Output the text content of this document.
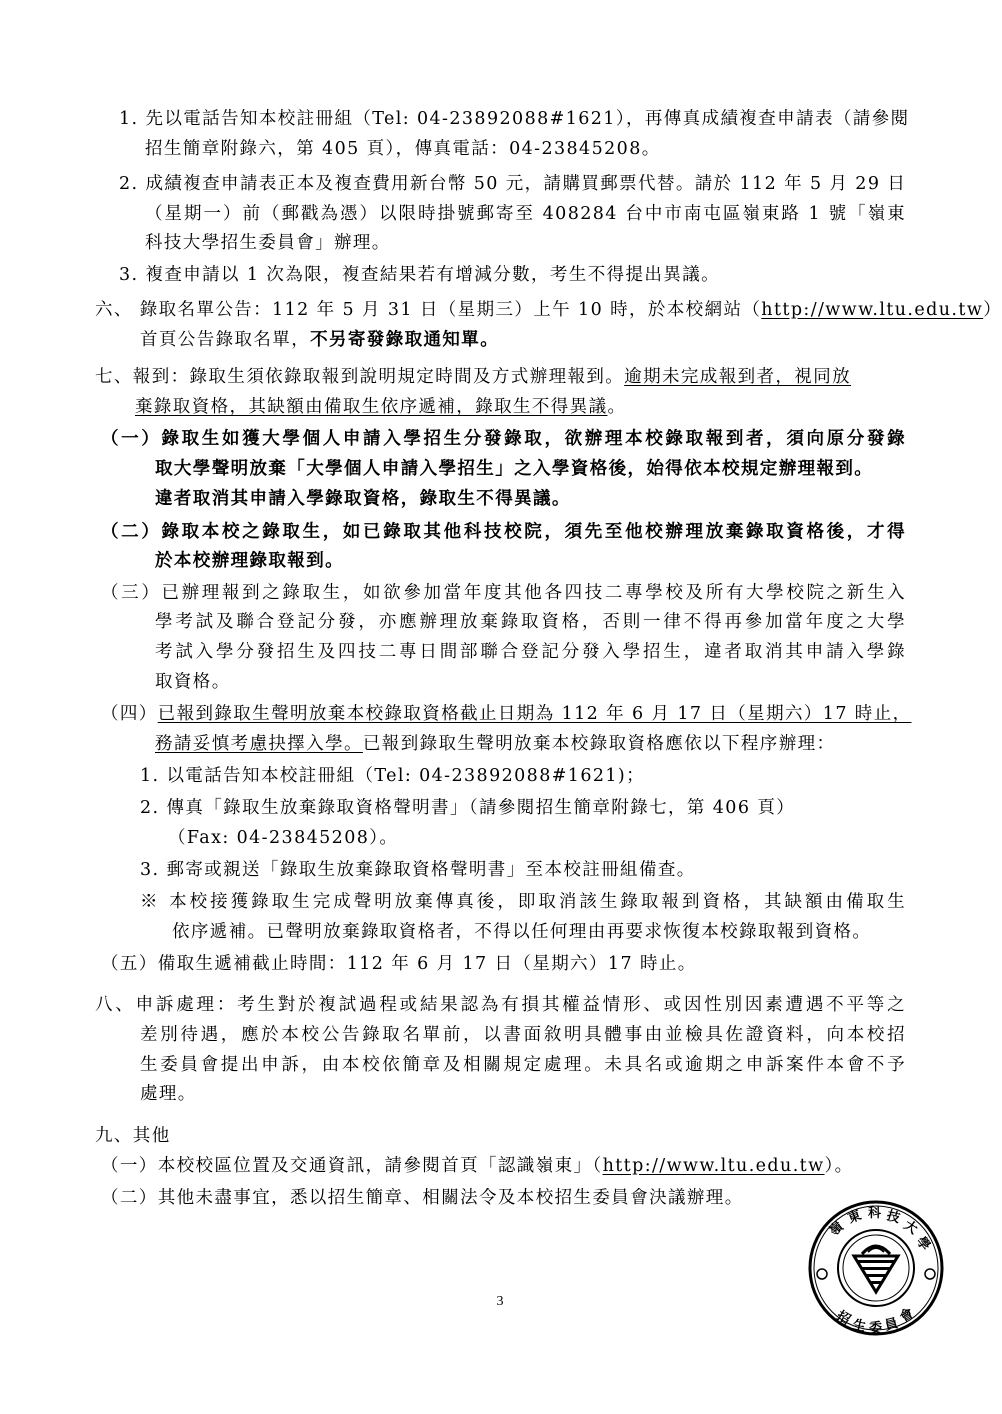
1. 先以電話告知本校註冊組（Tel: 04-23892088#1621），再傳真成績複查申請表（請參閱
招生簡章附錄六，第 405 頁），傳真電話：04-23845208。
2. 成績複查申請表正本及複查費用新台幣 50 元，請購買郵票代替。請於 112 年 5 月 29 日
（星期一）前（郵戳為憑）以限時掛號郵寄至 408284 台中市南屯區嶺東路 1 號「嶺東
科技大學招生委員會」辦理。
3. 複查申請以 1 次為限，複查結果若有增減分數，考生不得提出異議。
六、 錄取名單公告：112 年 5 月 31 日（星期三）上午 10 時，於本校網站（http://www.ltu.edu.tw）
首頁公告錄取名單，不另寄發錄取通知單。
七、報到：錄取生須依錄取報到說明規定時間及方式辦理報到。逾期未完成報到者，視同放
棄錄取資格，其缺額由備取生依序遞補，錄取生不得異議。
（一）錄取生如獲大學個人申請入學招生分發錄取，欲辦理本校錄取報到者，須向原分發錄
取大學聲明放棄「大學個人申請入學招生」之入學資格後，始得依本校規定辦理報到。
違者取消其申請入學錄取資格，錄取生不得異議。
（二）錄取本校之錄取生，如已錄取其他科技校院，須先至他校辦理放棄錄取資格後，才得
於本校辦理錄取報到。
（三）已辦理報到之錄取生，如欲參加當年度其他各四技二專學校及所有大學校院之新生入
學考試及聯合登記分發，亦應辦理放棄錄取資格，否則一律不得再參加當年度之大學
考試入學分發招生及四技二專日間部聯合登記分發入學招生，違者取消其申請入學錄
取資格。
（四）已報到錄取生聲明放棄本校錄取資格截止日期為 112 年 6 月 17 日（星期六）17 時止，
務請妥慎考慮抉擇入學。已報到錄取生聲明放棄本校錄取資格應依以下程序辦理：
1. 以電話告知本校註冊組（Tel: 04-23892088#1621)；
2. 傳真「錄取生放棄錄取資格聲明書」（請參閱招生簡章附錄七，第 406 頁）
（Fax: 04-23845208）。
3. 郵寄或親送「錄取生放棄錄取資格聲明書」至本校註冊組備查。
※ 本校接獲錄取生完成聲明放棄傳真後，即取消該生錄取報到資格，其缺額由備取生
依序遞補。已聲明放棄錄取資格者，不得以任何理由再要求恢復本校錄取報到資格。
（五）備取生遞補截止時間：112 年 6 月 17 日（星期六）17 時止。
八、申訴處理：考生對於複試過程或結果認為有損其權益情形、或因性別因素遭遇不平等之
差別待遇，應於本校公告錄取名單前，以書面敘明具體事由並檢具佐證資料，向本校招
生委員會提出申訴，由本校依簡章及相關規定處理。未具名或逾期之申訴案件本會不予
處理。
九、其他
（一）本校校區位置及交通資訊，請參閱首頁「認識嶺東」（http://www.ltu.edu.tw）。
（二）其他未盡事宜，悉以招生簡章、相關法令及本校招生委員會決議辦理。
嶺
東 科 技
大
學
招
生 委 員
會
3
